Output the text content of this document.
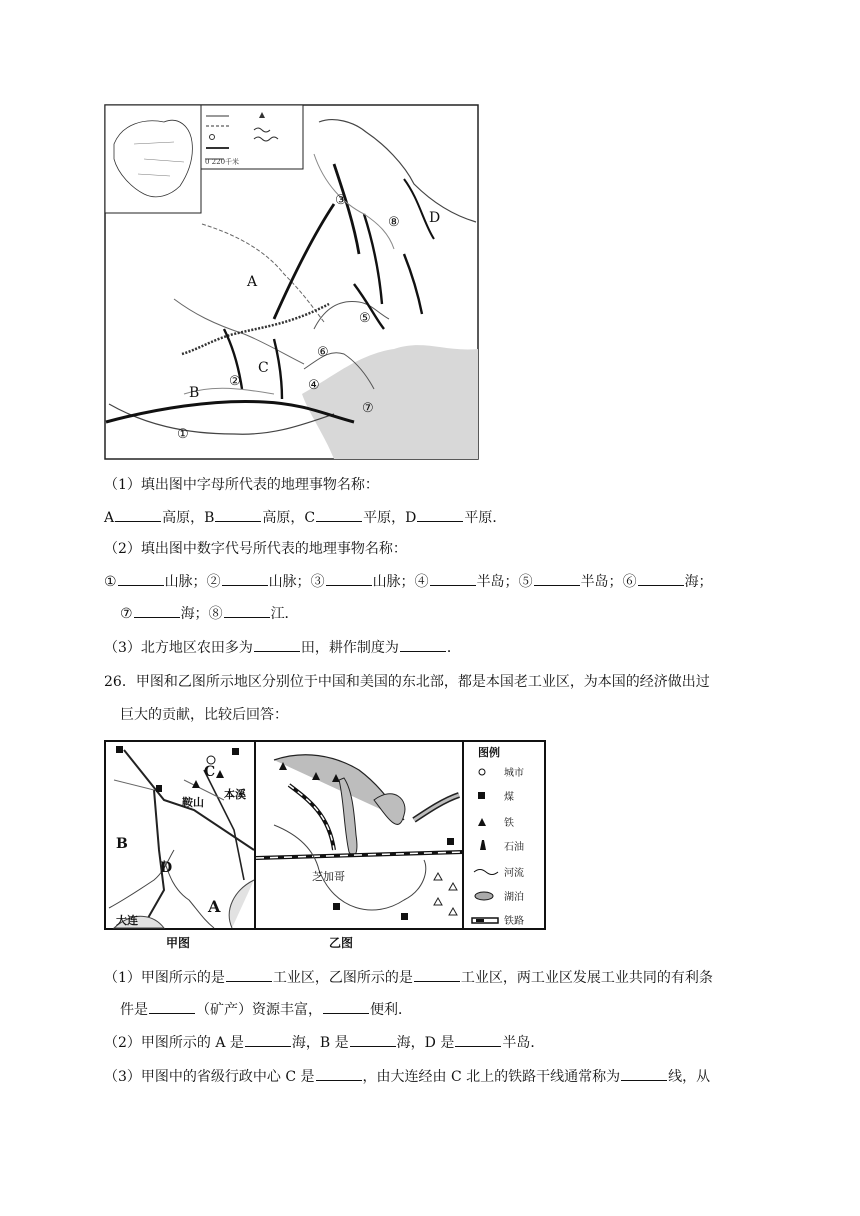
0 220千米
A
B
C
D
①
②
③
④
⑤
⑥
⑦
⑧
（1）填出图中字母所代表的地理事物名称：
A	高原，B	高原，C	平原，D	平原．
（2）填出图中数字代号所代表的地理事物名称：
①	山脉；②	山脉；③	山脉；④	半岛；⑤	半岛；⑥	海；
⑦	海；⑧	江．
（3）北方地区农田多为	田，耕作制度为	．
26．甲图和乙图所示地区分别位于中国和美国的东北部，都是本国老工业区，为本国的经济做出过
巨大的贡献，比较后回答：
C
本溪
鞍山
B
D
A
大连
甲图
芝加哥
乙图
图例
城市
煤
铁
石油
河流
湖泊
铁路
（1）甲图所示的是	工业区，乙图所示的是	工业区，两工业区发展工业共同的有利条
件是	（矿产）资源丰富，	便利．
（2）甲图所示的 A 是	海，B 是	海，D 是	半岛．
（3）甲图中的省级行政中心 C 是	，由大连经由 C 北上的铁路干线通常称为	线，从
